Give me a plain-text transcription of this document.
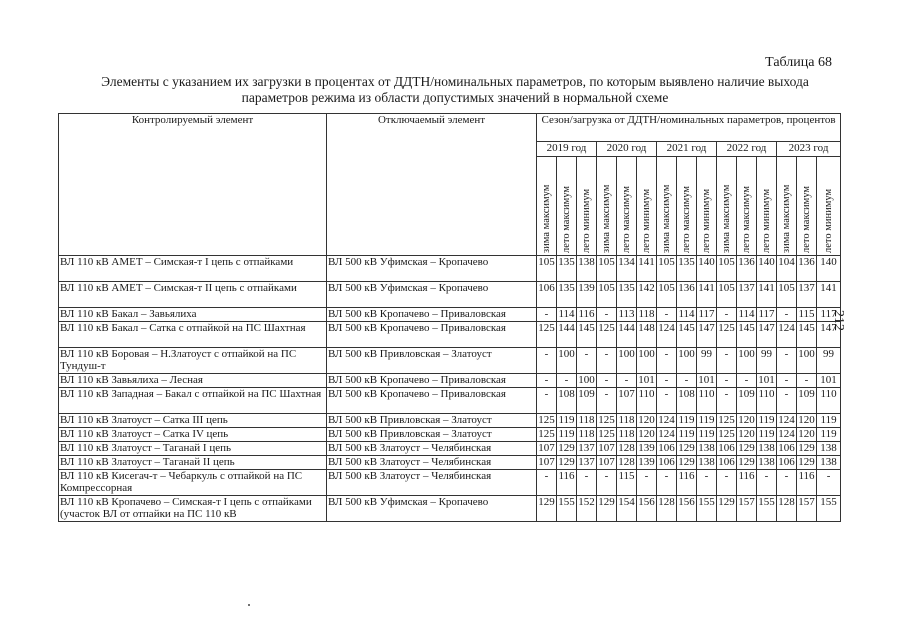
Таблица 68
Элементы с указанием их загрузки в процентах от ДДТН/номинальных параметров, по которым выявлено наличие выхода параметров режима из области допустимых значений в нормальной схеме
212
Контролируемый элемент	Отключаемый элемент	Сезон/загрузка от ДДТН/номинальных параметров, процентов														
		2019 год			2020 год			2021 год			2022 год			2023 год		

		зима максимум	лето максимум	лето минимум	зима максимум	лето максимум	лето минимум	зима максимум	лето максимум	лето минимум	зима максимум	лето максимум	лето минимум	зима максимум	лето максимум	лето минимум

ВЛ 110 кВ АМЕТ – Симская-т I цепь с отпайками	ВЛ 500 кВ Уфимская – Кропачево	105	135	138	105	134	141	105	135	140	105	136	140	104	136	140
ВЛ 110 кВ АМЕТ – Симская-т II цепь с отпайками	ВЛ 500 кВ Уфимская – Кропачево	106	135	139	105	135	142	105	136	141	105	137	141	105	137	141
ВЛ 110 кВ Бакал – Завьялиха	ВЛ 500 кВ Кропачево – Приваловская	-	114	116	-	113	118	-	114	117	-	114	117	-	115	117
ВЛ 110 кВ Бакал – Сатка с отпайкой на ПС Шахтная	ВЛ 500 кВ Кропачево – Приваловская	125	144	145	125	144	148	124	145	147	125	145	147	124	145	147
ВЛ 110 кВ Боровая – Н.Златоуст с отпайкой на ПС Тундуш-т	ВЛ 500 кВ Привловская – Златоуст	-	100	-	-	100	100	-	100	99	-	100	99	-	100	99
ВЛ 110 кВ Завьялиха – Лесная	ВЛ 500 кВ Кропачево – Приваловская	-	-	100	-	-	101	-	-	101	-	-	101	-	-	101
ВЛ 110 кВ Западная – Бакал с отпайкой на ПС Шахтная	ВЛ 500 кВ Кропачево – Приваловская	-	108	109	-	107	110	-	108	110	-	109	110	-	109	110
ВЛ 110 кВ Златоуст – Сатка III цепь	ВЛ 500 кВ Привловская – Златоуст	125	119	118	125	118	120	124	119	119	125	120	119	124	120	119
ВЛ 110 кВ Златоуст – Сатка IV цепь	ВЛ 500 кВ Привловская – Златоуст	125	119	118	125	118	120	124	119	119	125	120	119	124	120	119
ВЛ 110 кВ Златоуст – Таганай I цепь	ВЛ 500 кВ Златоуст – Челябинская	107	129	137	107	128	139	106	129	138	106	129	138	106	129	138
ВЛ 110 кВ Златоуст – Таганай II цепь	ВЛ 500 кВ Златоуст – Челябинская	107	129	137	107	128	139	106	129	138	106	129	138	106	129	138
ВЛ 110 кВ Кисегач-т – Чебаркуль с отпайкой на ПС Компрессорная	ВЛ 500 кВ Златоуст – Челябинская	-	116	-	-	115	-	-	116	-	-	116	-	-	116	-
ВЛ 110 кВ Кропачево – Симская-т I цепь с отпайками (участок ВЛ от отпайки на ПС 110 кВ	ВЛ 500 кВ Уфимская – Кропачево	129	155	152	129	154	156	128	156	155	129	157	155	128	157	155
